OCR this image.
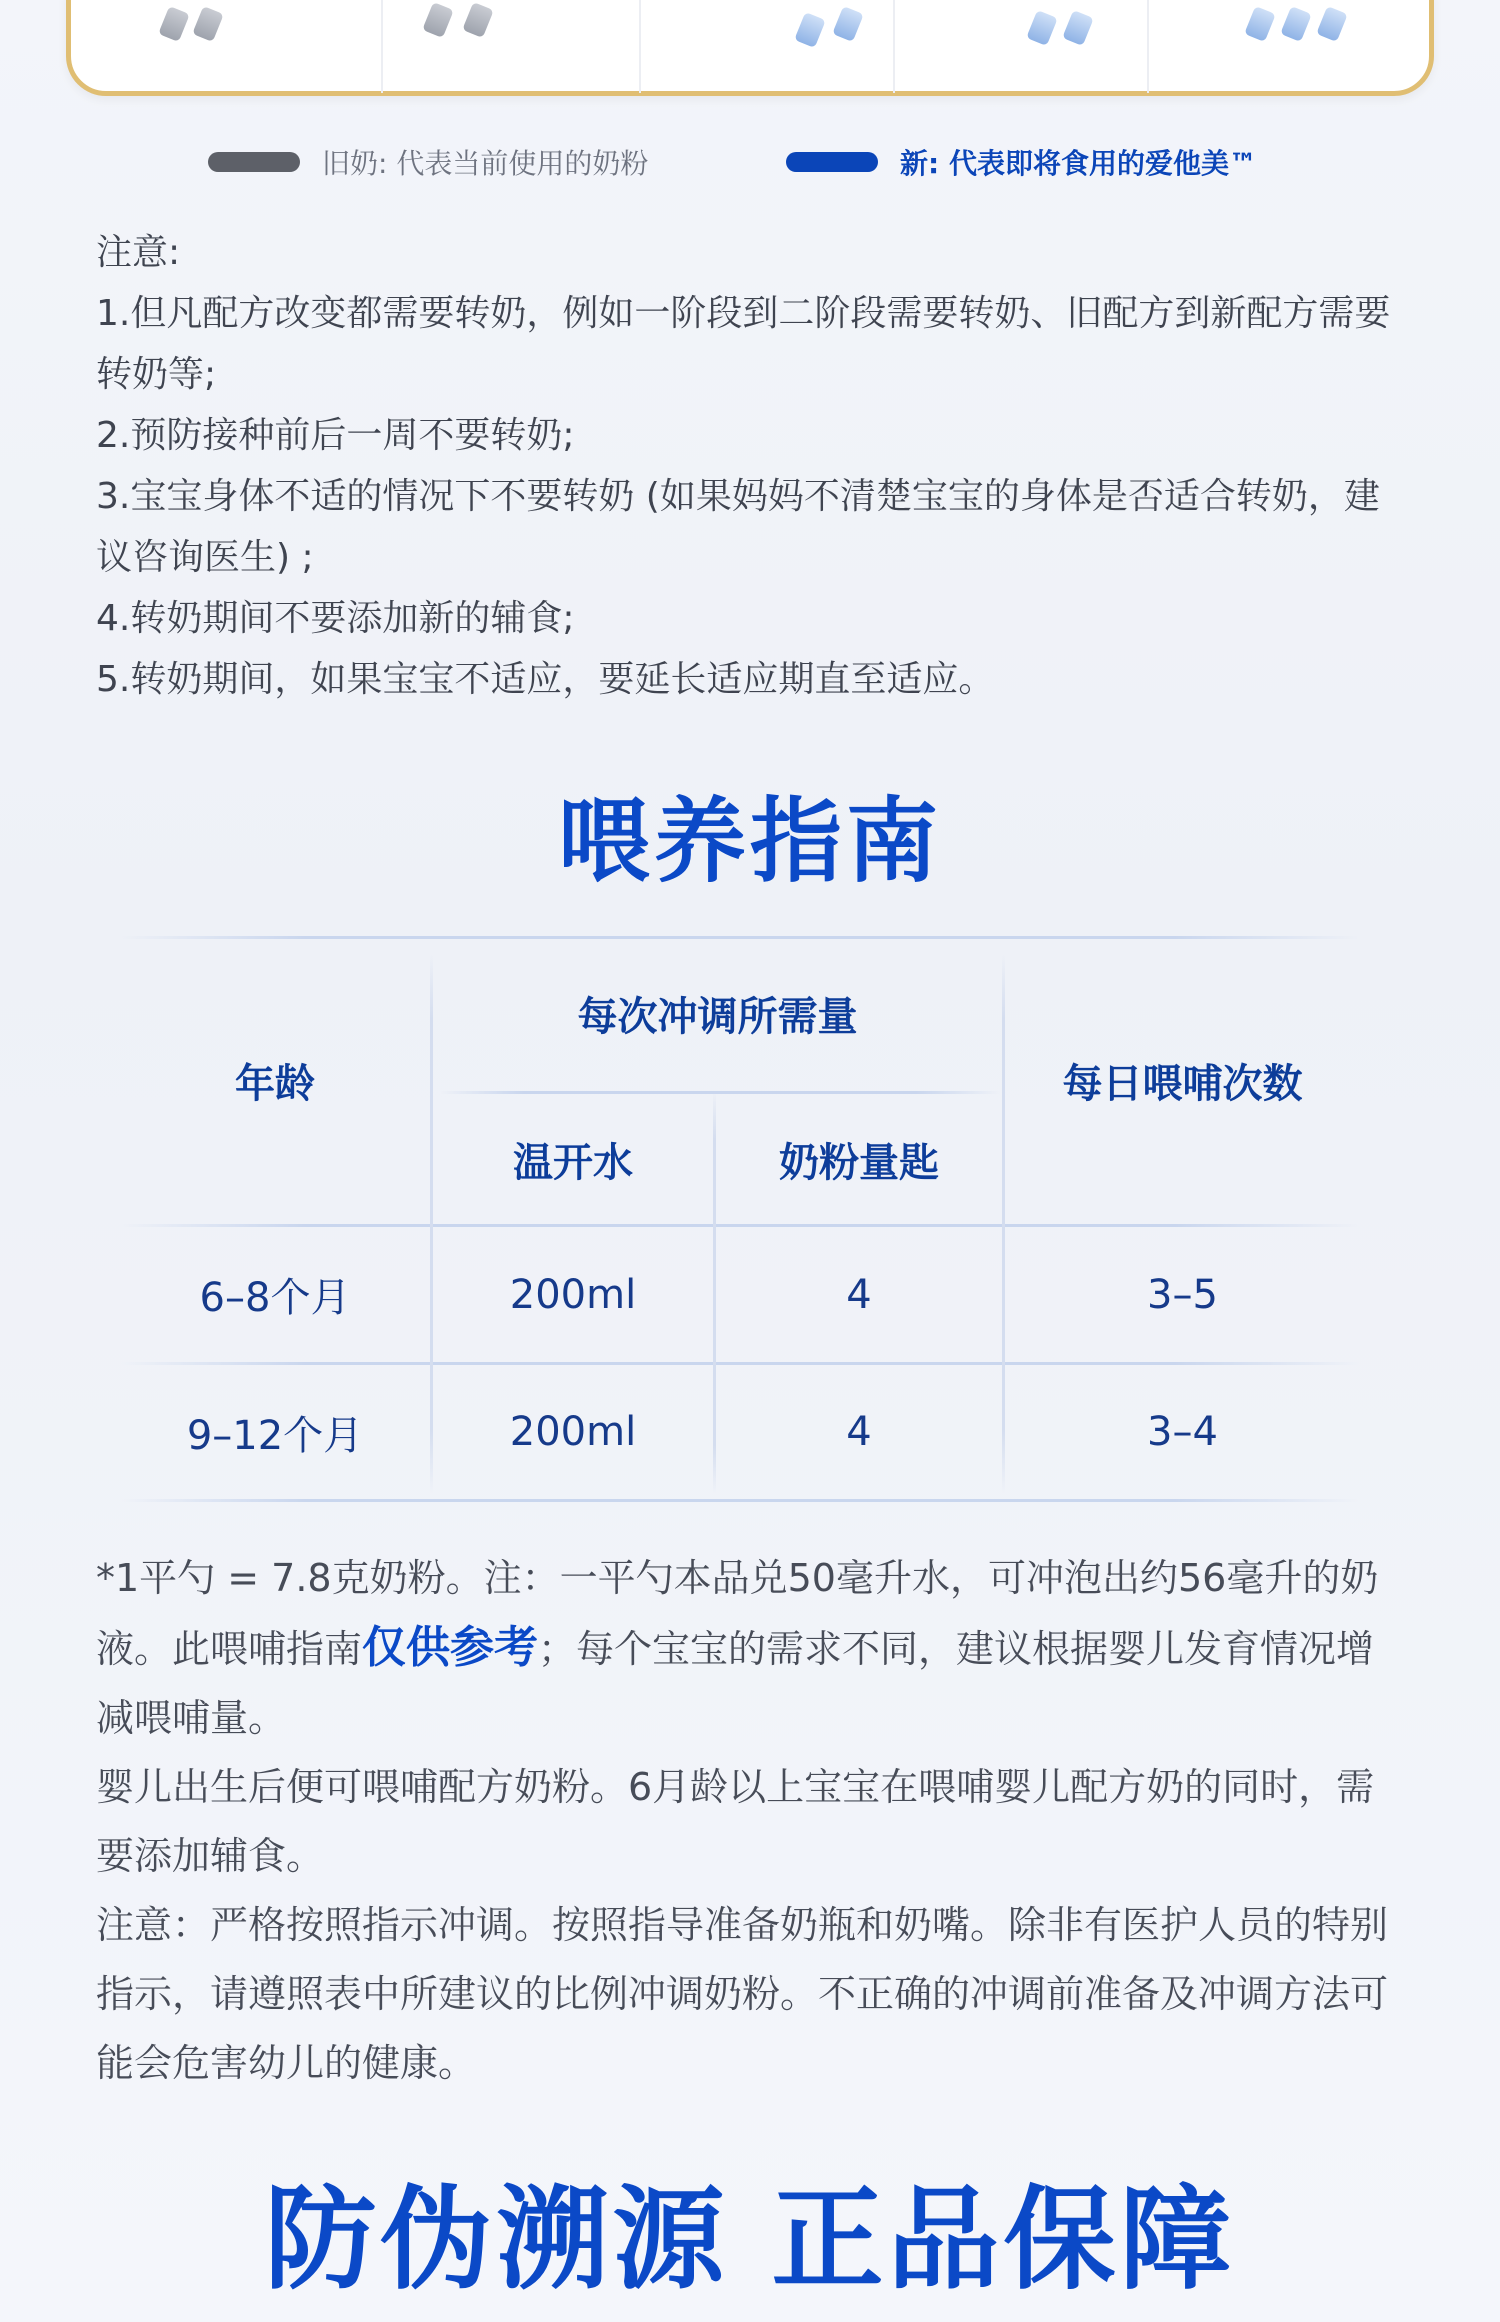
旧奶: 代表当前使用的奶粉	新: 代表即将食用的爱他美™

注意:

1.但凡配方改变都需要转奶，例如一阶段到二阶段需要转奶、旧配方到新配方需要转奶等;

2.预防接种前后一周不要转奶;

3.宝宝身体不适的情况下不要转奶 (如果妈妈不清楚宝宝的身体是否适合转奶，建议咨询医生) ;

4.转奶期间不要添加新的辅食;

5.转奶期间，如果宝宝不适应，要延长适应期直至适应。

喂养指南
年龄
每次冲调所需量
温开水	奶粉量匙
每日喂哺次数
6–8个月	200ml	4	3–5
9–12个月	200ml	4	3–4

*1平勺 = 7.8克奶粉。注：一平勺本品兑50毫升水，可冲泡出约56毫升的奶液。此喂哺指南仅供参考；每个宝宝的需求不同，建议根据婴儿发育情况增减喂哺量。

婴儿出生后便可喂哺配方奶粉。6月龄以上宝宝在喂哺婴儿配方奶的同时，需要添加辅食。

注意：严格按照指示冲调。按照指导准备奶瓶和奶嘴。除非有医护人员的特别指示，请遵照表中所建议的比例冲调奶粉。不正确的冲调前准备及冲调方法可能会危害幼儿的健康。

防伪溯源 正品保障
